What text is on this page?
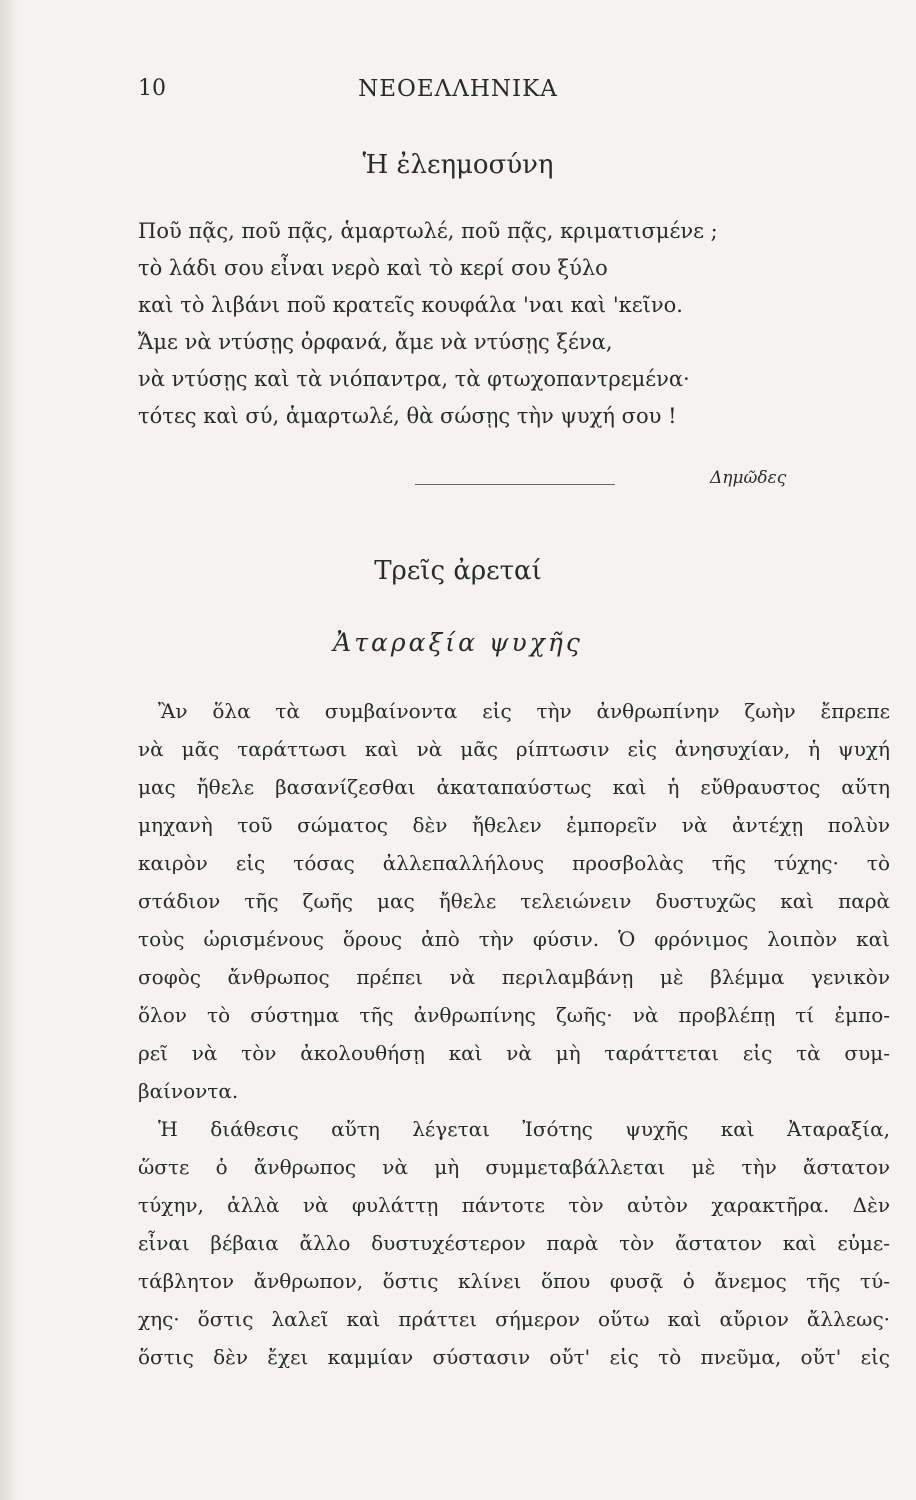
ΝΕΟΕΛΛΗΝΙΚΑ
10
Ἡ ἐλεημοσύνη
Ποῦ πᾷς, ποῦ πᾷς, ἁμαρτωλέ, ποῦ πᾷς, κριματισμένε ;
τὸ λάδι σου εἶναι νερὸ καὶ τὸ κερί σου ξύλο
καὶ τὸ λιβάνι ποῦ κρατεῖς κουφάλα 'ναι καὶ 'κεῖνο.
Ἄμε νὰ ντύσῃς ὀρφανά, ἄμε νὰ ντύσῃς ξένα,
νὰ ντύσῃς καὶ τὰ νιόπαντρα, τὰ φτωχοπαντρεμένα·
τότες καὶ σύ, ἁμαρτωλέ, θὰ σώσῃς τὴν ψυχή σου !
Δημῶδες
Τρεῖς ἀρεταί
Ἀταραξία ψυχῆς
Ἂν ὅλα τὰ συμβαίνοντα εἰς τὴν ἀνθρωπίνην ζωὴν ἔπρεπε
νὰ μᾶς ταράττωσι καὶ νὰ μᾶς ρίπτωσιν εἰς ἀνησυχίαν, ἡ ψυχή
μας ἤθελε βασανίζεσθαι ἀκαταπαύστως καὶ ἡ εὔθραυστος αὕτη
μηχανὴ τοῦ σώματος δὲν ἤθελεν ἐμπορεῖν νὰ ἀντέχῃ πολὺν
καιρὸν εἰς τόσας ἀλλεπαλλήλους προσβολὰς τῆς τύχης· τὸ
στάδιον τῆς ζωῆς μας ἤθελε τελειώνειν δυστυχῶς καὶ παρὰ
τοὺς ὡρισμένους ὅρους ἀπὸ τὴν φύσιν. Ὁ φρόνιμος λοιπὸν καὶ
σοφὸς ἄνθρωπος πρέπει νὰ περιλαμβάνῃ μὲ βλέμμα γενικὸν
ὅλον τὸ σύστημα τῆς ἀνθρωπίνης ζωῆς· νὰ προβλέπῃ τί ἐμπο-
ρεῖ νὰ τὸν ἀκολουθήσῃ καὶ νὰ μὴ ταράττεται εἰς τὰ συμ-
βαίνοντα.
Ἡ διάθεσις αὕτη λέγεται Ἰσότης ψυχῆς καὶ Ἀταραξία,
ὥστε ὁ ἄνθρωπος νὰ μὴ συμμεταβάλλεται μὲ τὴν ἄστατον
τύχην, ἀλλὰ νὰ φυλάττῃ πάντοτε τὸν αὐτὸν χαρακτῆρα. Δὲν
εἶναι βέβαια ἄλλο δυστυχέστερον παρὰ τὸν ἄστατον καὶ εὐμε-
τάβλητον ἄνθρωπον, ὅστις κλίνει ὅπου φυσᾷ ὁ ἄνεμος τῆς τύ-
χης· ὅστις λαλεῖ καὶ πράττει σήμερον οὕτω καὶ αὔριον ἄλλεως·
ὅστις δὲν ἔχει καμμίαν σύστασιν οὔτ' εἰς τὸ πνεῦμα, οὔτ' εἰς
